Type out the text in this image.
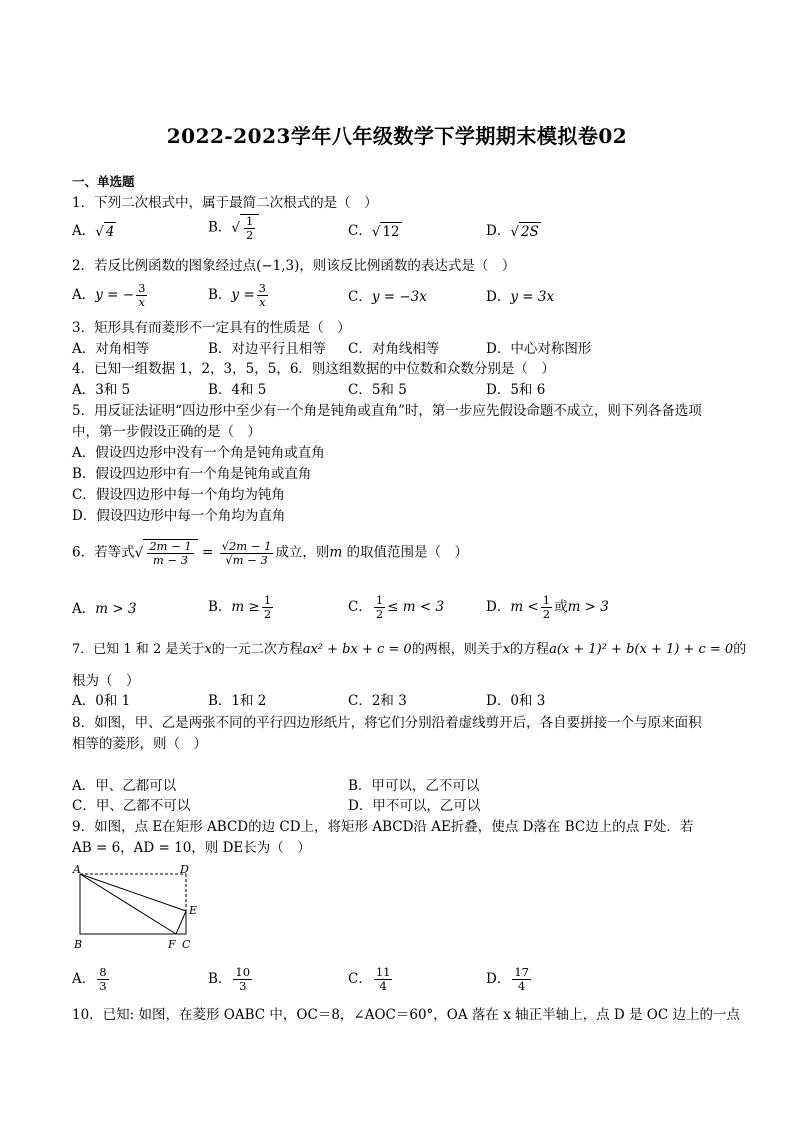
2022-2023学年八年级数学下学期期末模拟卷02
一、单选题
1．下列二次根式中，属于最简二次根式的是（　）
A．√ 4	B．√ $\frac{1}{2}$	C．√ 12	D．√ 2S
2．若反比例函数的图象经过点(−1,3)，则该反比例函数的表达式是（　）
A．y = − $\frac{3}{x}$	B．$y = \frac{3}{x}$	C．y = −3x	D．y = 3x
3．矩形具有而菱形不一定具有的性质是（　）
A．对角相等	B．对边平行且相等 C．对角线相等	D．中心对称图形
4．已知一组数据 1，2，3，5，5，6．则这组数据的中位数和众数分别是（　）
A．3和 5	B．4和 5	C．5和 5	D．5和 6
5．用反证法证明“四边形中至少有一个角是钝角或直角”时，第一步应先假设命题不成立，则下列各备选项
中，第一步假设正确的是（　）
A．假设四边形中没有一个角是钝角或直角
B．假设四边形中有一个角是钝角或直角
C．假设四边形中每一个角均为钝角
D．假设四边形中每一个角均为直角
6．若等式√ $\frac{2m - 1}{m - 3} = \frac{√2m - 1}{√m - 3}$ 成立，则m 的取值范围是（　）
A．m > 3	B．$m \ge \frac{1}{2}$	C． $\frac{1}{2} \le m < 3$	D．$m < \frac{1}{2}$ 或m > 3
7．已知 1 和 2 是关于x的一元二次方程ax² + bx + c = 0的两根，则关于x的方程a(x + 1)² + b(x + 1) + c = 0的
根为（　）
A．0和 1	B．1和 2	C．2和 3	D．0和 3
8．如图，甲、乙是两张不同的平行四边形纸片，将它们分别沿着虚线剪开后，各自要拼接一个与原来面积
相等的菱形，则（　）
A．甲、乙都可以	B．甲可以，乙不可以
C．甲、乙都不可以	D．甲不可以，乙可以
9．如图，点 E在矩形 ABCD的边 CD上，将矩形 ABCD沿 AE折叠，使点 D落在 BC边上的点 F处．若
AB = 6，AD = 10，则 DE长为（　）
A	D
E
B	F C
A． $\frac{8}{3}$	B． $\frac{10}{3}$	C． $\frac{11}{4}$	D． $\frac{17}{4}$
10．已知: 如图，在菱形 OABC 中，OC＝8，∠AOC＝60°，OA 落在 x 轴正半轴上，点 D 是 OC 边上的一点
